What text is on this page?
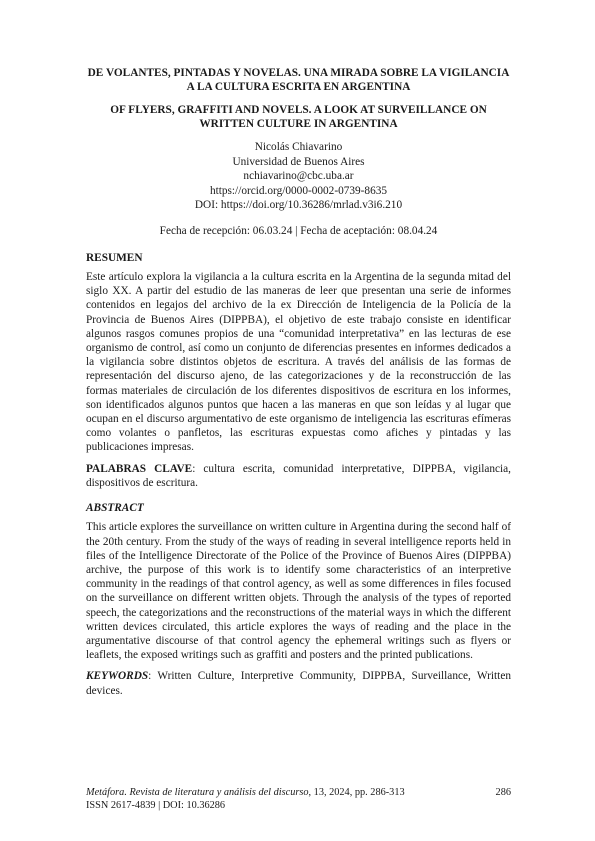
DE VOLANTES, PINTADAS Y NOVELAS. UNA MIRADA SOBRE LA VIGILANCIA A LA CULTURA ESCRITA EN ARGENTINA

OF FLYERS, GRAFFITI AND NOVELS. A LOOK AT SURVEILLANCE ON WRITTEN CULTURE IN ARGENTINA

Nicolás Chiavarino
Universidad de Buenos Aires
nchiavarino@cbc.uba.ar
https://orcid.org/0000-0002-0739-8635
DOI: https://doi.org/10.36286/mrlad.v3i6.210
Fecha de recepción: 06.03.24 | Fecha de aceptación: 08.04.24
RESUMEN

Este artículo explora la vigilancia a la cultura escrita en la Argentina de la segunda mitad del siglo XX. A partir del estudio de las maneras de leer que presentan una serie de informes contenidos en legajos del archivo de la ex Dirección de Inteligencia de la Policía de la Provincia de Buenos Aires (DIPPBA), el objetivo de este trabajo consiste en identificar algunos rasgos comunes propios de una “comunidad interpretativa” en las lecturas de ese organismo de control, así como un conjunto de diferencias presentes en informes dedicados a la vigilancia sobre distintos objetos de escritura. A través del análisis de las formas de representación del discurso ajeno, de las categorizaciones y de la reconstrucción de las formas materiales de circulación de los diferentes dispositivos de escritura en los informes, son identificados algunos puntos que hacen a las maneras en que son leídas y al lugar que ocupan en el discurso argumentativo de este organismo de inteligencia las escrituras efímeras como volantes o panfletos, las escrituras expuestas como afiches y pintadas y las publicaciones impresas.

PALABRAS CLAVE: cultura escrita, comunidad interpretative, DIPPBA, vigilancia, dispositivos de escritura.

ABSTRACT

This article explores the surveillance on written culture in Argentina during the second half of the 20th century. From the study of the ways of reading in several intelligence reports held in files of the Intelligence Directorate of the Police of the Province of Buenos Aires (DIPPBA) archive, the purpose of this work is to identify some characteristics of an interpretive community in the readings of that control agency, as well as some differences in files focused on the surveillance on different written objets. Through the analysis of the types of reported speech, the categorizations and the reconstructions of the material ways in which the different written devices circulated, this article explores the ways of reading and the place in the argumentative discourse of that control agency the ephemeral writings such as flyers or leaflets, the exposed writings such as graffiti and posters and the printed publications.

KEYWORDS: Written Culture, Interpretive Community, DIPPBA, Surveillance, Written devices.

Metáfora. Revista de literatura y análisis del discurso, 13, 2024, pp. 286-313
ISSN 2617-4839 | DOI: 10.36286
286
